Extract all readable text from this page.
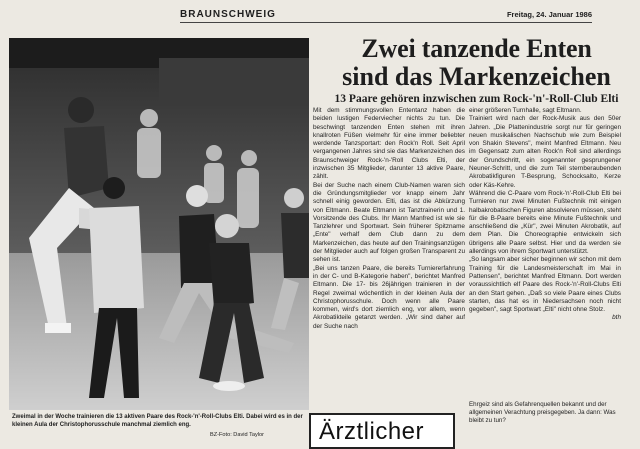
BRAUNSCHWEIG	Freitag, 24. Januar 1986
Zweimal in der Woche trainieren die 13 aktiven Paare des Rock-'n'-Roll-Clubs Elti. Dabei wird es in der kleinen Aula der Christophorusschule manchmal ziemlich eng.
BZ-Foto: David Taylor
Zwei tanzende Enten
sind das Markenzeichen
13 Paare gehören inzwischen zum Rock-'n'-Roll-Club Elti

Mit dem stimmungsvollen Ententanz haben die beiden lustigen Federviecher nichts zu tun. Die beschwingt tanzenden Enten stehen mit ihren knallroten Füßen vielmehr für eine immer beliebter werdende Tanzsportart: den Rock'n Roll. Seit April vergangenen Jahres sind sie das Markenzeichen des Braunschweiger Rock-'n-'Roll Clubs Elti, der inzwischen 35 Mitglieder, darunter 13 aktive Paare, zählt.

Bei der Suche nach einem Club-Namen waren sich die Gründungsmitglieder vor knapp einem Jahr schnell einig geworden. Elti, das ist die Abkürzung von Eltmann. Beate Eltmann ist Tanztrainerin und 1. Vorsitzende des Clubs. Ihr Mann Manfred ist wie sie Tanzlehrer und Sportwart. Sein früherer Spitzname „Ente" verhalf dem Club dann zu dem Markenzeichen, das heute auf den Trainingsanzügen der Mitglieder auch auf folgen großen Transparent zu sehen ist.

„Bei uns tanzen Paare, die bereits Turniererfahrung in der C- und B-Kategorie haben", berichtet Manfred Eltmann. Die 17- bis 26jährigen trainieren in der Regel zweimal wöchentlich in der kleinen Aula der Christophorusschule. Doch wenn alle Paare kommen, wird's dort ziemlich eng, vor allem, wenn Akrobatikteile getanzt werden. „Wir sind daher auf der Suche nach

einer größeren Turnhalle, sagt Eltmann.

Trainiert wird nach der Rock-Musik aus den 50er Jahren. „Die Plattenindustrie sorgt nur für geringen neuen musikalischen Nachschub wie zum Beispiel von Shakin Stevens", meint Manfred Eltmann. Neu im Gegensatz zum alten Rock'n Roll sind allerdings der Grundschritt, ein sogenannter gesprungener Neuner-Schritt, und die zum Teil sternberaubenden Akrobatikfiguren T-Besprung, Schocksalto, Kerze oder Käs-Kehre.

Während die C-Paare vom Rock-'n'-Roll-Club Elti bei Turnieren nur zwei Minuten Fußtechnik mit einigen halbakrobatischen Figuren absolvieren müssen, steht für die B-Paare bereits eine Minute Fußtechnik und anschließend die „Kür", zwei Minuten Akrobatik, auf dem Plan. Die Choreographie entwickeln sich übrigens alle Paare selbst. Hier und da werden sie allerdings von ihrem Sportwart unterstützt.

„So langsam aber sicher beginnen wir schon mit dem Training für die Landesmeisterschaft im Mai in Pattensen", berichtet Manfred Eltmann. Dort werden voraussichtlich elf Paare des Rock-'n'-Roll-Clubs Elti an den Start gehen. „Daß so viele Paare eines Clubs starten, das hat es in Niedersachsen noch nicht gegeben", sagt Sportwart „Elti" nicht ohne Stolz.

bth

Ärztlicher
Ehrgeiz sind als Gefahrenquellen bekannt und der allgemeinen Verachtung preisgegeben. Ja dann: Was bleibt zu tun?
